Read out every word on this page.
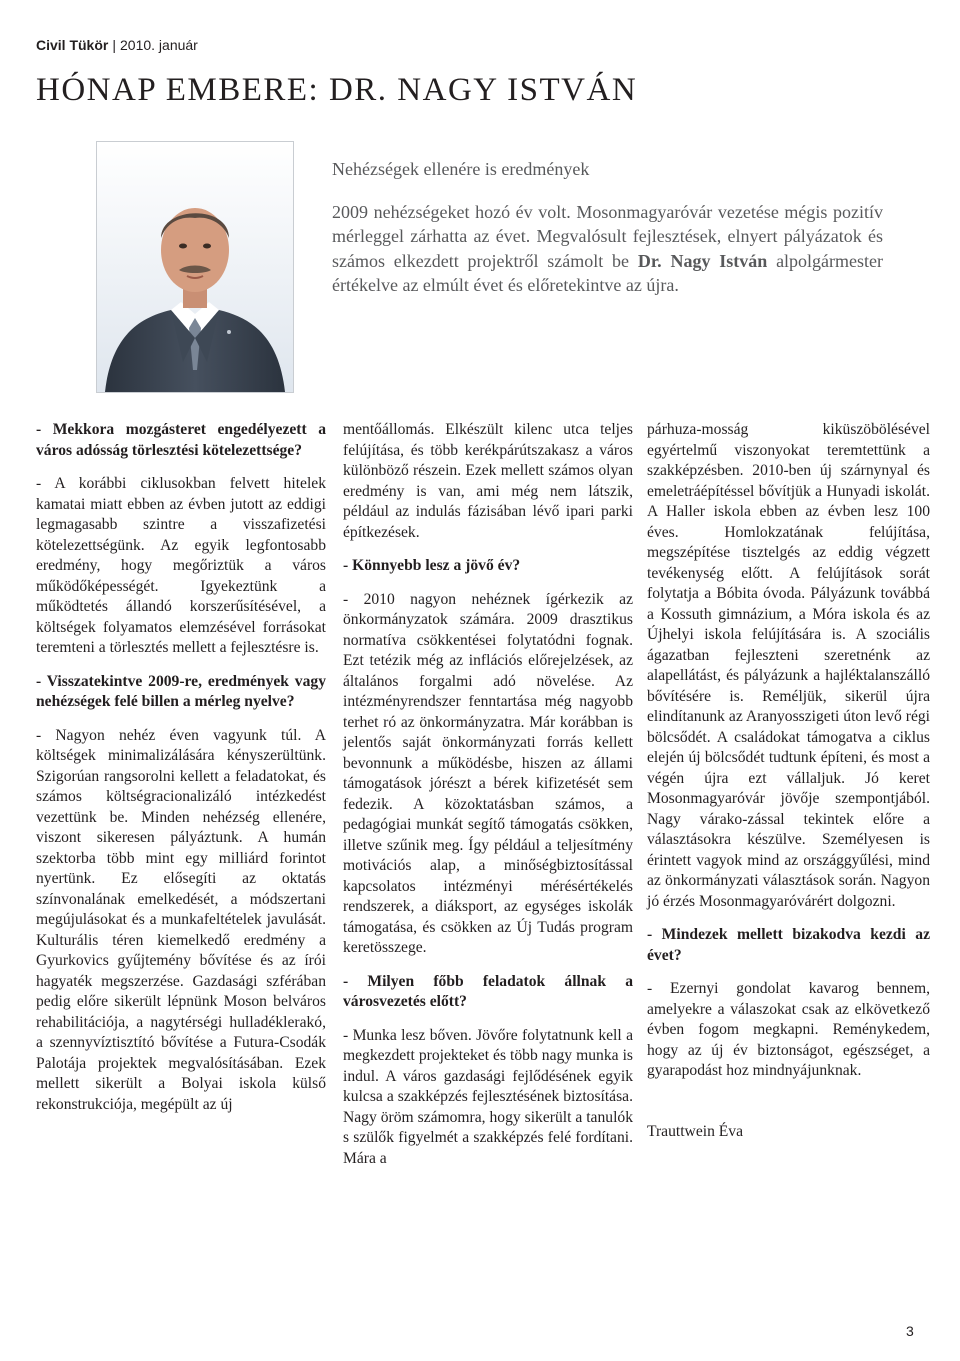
Civil Tükör | 2010. január
HÓNAP EMBERE: DR. NAGY ISTVÁN

Nehézségek ellenére is eredmények

2009 nehézségeket hozó év volt. Mosonmagyaróvár vezetése mégis pozitív mérleggel zárhatta az évet. Megvalósult fejlesztések, elnyert pályázatok és számos elkezdett projektről számolt be Dr. Nagy István alpolgármester értékelve az elmúlt évet és előretekintve az újra.

- Mekkora mozgásteret engedélyezett a város adósság törlesztési kötelezettsége?

- A korábbi ciklusokban felvett hitelek kamatai miatt ebben az évben jutott az eddigi legmagasabb szintre a visszafizetési kötelezettségünk. Az egyik legfontosabb eredmény, hogy megőriztük a város működőképességét. Igyekeztünk a működtetés állandó korszerűsítésével, a költségek folyamatos elemzésével forrásokat teremteni a törlesztés mellett a fejlesztésre is.

- Visszatekintve 2009-re, eredmények vagy nehézségek felé billen a mérleg nyelve?

- Nagyon nehéz éven vagyunk túl. A költségek minimalizálására kényszerültünk. Szigorúan rangsorolni kellett a feladatokat, és számos költségracionalizáló intézkedést vezettünk be. Minden nehézség ellenére, viszont sikeresen pályáztunk. A humán szektorba több mint egy milliárd forintot nyertünk. Ez elősegíti az oktatás színvonalának emelkedését, a módszertani megújulásokat és a munkafeltételek javulását. Kulturális téren kiemelkedő eredmény a Gyurkovics gyűjtemény bővítése és az írói hagyaték megszerzése. Gazdasági szférában pedig előre sikerült lépnünk Moson belváros rehabilitációja, a nagytérségi hulladéklerakó, a szennyvíztisztító bővítése a Futura-Csodák Palotája projektek megvalósításában. Ezek mellett sikerült a Bolyai iskola külső rekonstrukciója, megépült az új

mentőállomás. Elkészült kilenc utca teljes felújítása, és több kerékpárútszakasz a város különböző részein. Ezek mellett számos olyan eredmény is van, ami még nem látszik, például az indulás fázisában lévő ipari parki építkezések.

- Könnyebb lesz a jövő év?

- 2010 nagyon nehéznek ígérkezik az önkormányzatok számára. 2009 drasztikus normatíva csökkentései folytatódni fognak. Ezt tetézik még az inflációs előrejelzések, az általános forgalmi adó növelése. Az intézményrendszer fenntartása még nagyobb terhet ró az önkormányzatra. Már korábban is jelentős saját önkormányzati forrás kellett bevonnunk a működésbe, hiszen az állami támogatások jórészt a bérek kifizetését sem fedezik. A közoktatásban számos, a pedagógiai munkát segítő támogatás csökken, illetve szűnik meg. Így például a teljesítmény motivációs alap, a minőségbiztosítással kapcsolatos intézményi mérésértékelés rendszerek, a diáksport, az egységes iskolák támogatása, és csökken az Új Tudás program keretösszege.

- Milyen főbb feladatok állnak a városvezetés előtt?

- Munka lesz bőven. Jövőre folytatnunk kell a megkezdett projekteket és több nagy munka is indul. A város gazdasági fejlődésének egyik kulcsa a szakképzés fejlesztésének biztosítása. Nagy öröm számomra, hogy sikerült a tanulók s szülők figyelmét a szakképzés felé fordítani. Mára a

párhuza-mosság kiküszöbölésével egyértelmű viszonyokat teremtettünk a szakképzésben. 2010-ben új szárnynyal és emeletráépítéssel bővítjük a Hunyadi iskolát. A Haller iskola ebben az évben lesz 100 éves. Homlokzatának felújítása, megszépítése tisztelgés az eddig végzett tevékenység előtt. A felújítások sorát folytatja a Bóbita óvoda. Pályázunk továbbá a Kossuth gimnázium, a Móra iskola és az Újhelyi iskola felújítására is. A szociális ágazatban fejleszteni szeretnénk az alapellátást, és pályázunk a hajléktalanszálló bővítésére is. Reméljük, sikerül újra elindítanunk az Aranyosszigeti úton levő régi bölcsődét. A családokat támogatva a ciklus elején új bölcsődét tudtunk építeni, és most a végén újra ezt vállaljuk. Jó keret Mosonmagyaróvár jövője szempontjából. Nagy várako-zással tekintek előre a választásokra készülve. Személyesen is érintett vagyok mind az országgyűlési, mind az önkormányzati választások során. Nagyon jó érzés Mosonmagyaróvárért dolgozni.

- Mindezek mellett bizakodva kezdi az évet?

- Ezernyi gondolat kavarog bennem, amelyekre a válaszokat csak az elkövetkező évben fogom megkapni. Reménykedem, hogy az új év biztonságot, egészséget, a gyarapodást hoz mindnyájunknak.

Trauttwein Éva

3
